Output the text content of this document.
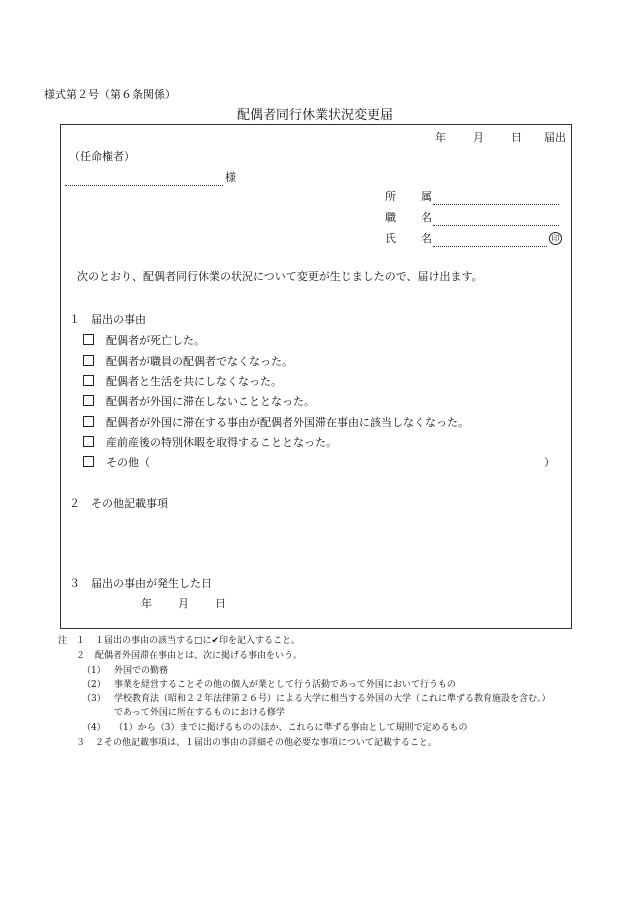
様式第２号（第６条関係）
配偶者同行休業状況変更届
年 月 日 届出
（任命権者）
様
所 属
職 名
氏 名	印
次のとおり、配偶者同行休業の状況について変更が生じましたので、届け出ます。
１　届出の事由
配偶者が死亡した。
配偶者が職員の配偶者でなくなった。
配偶者と生活を共にしなくなった。
配偶者が外国に滞在しないこととなった。
配偶者が外国に滞在する事由が配偶者外国滞在事由に該当しなくなった。
産前産後の特別休暇を取得することとなった。
その他（	）
２　その他記載事項
３　届出の事由が発生した日
年 月 日
注 １ １届出の事由の該当する□に✔印を記入すること。
２ 配偶者外国滞在事由とは、次に掲げる事由をいう。
（1） 外国での勤務
（2） 事業を経営することその他の個人が業として行う活動であって外国において行うもの
（3） 学校教育法（昭和２２年法律第２６号）による大学に相当する外国の大学（これに準ずる教育施設を含む。）
であって外国に所在するものにおける修学
（4） （1）から（3）までに掲げるもののほか、これらに準ずる事由として規則で定めるもの
３ ２その他記載事項は、１届出の事由の詳細その他必要な事項について記載すること。
